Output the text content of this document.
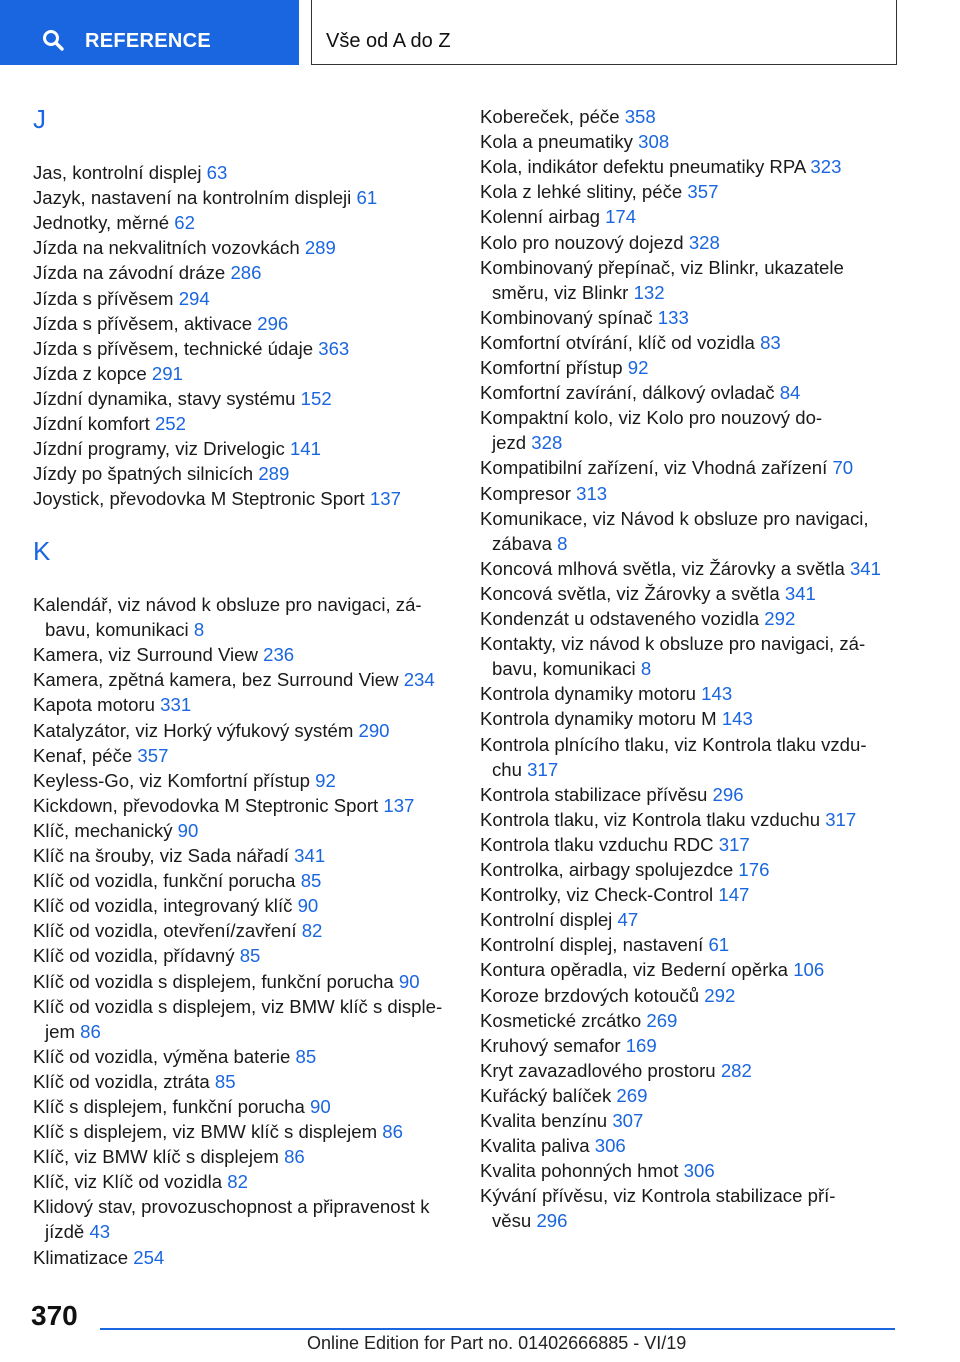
REFERENCE	Vše od A do Z
J
Jas, kontrolní displej 63
Jazyk, nastavení na kontrolním displeji 61
Jednotky, měrné 62
Jízda na nekvalitních vozovkách 289
Jízda na závodní dráze 286
Jízda s přívěsem 294
Jízda s přívěsem, aktivace 296
Jízda s přívěsem, technické údaje 363
Jízda z kopce 291
Jízdní dynamika, stavy systému 152
Jízdní komfort 252
Jízdní programy, viz Drivelogic 141
Jízdy po špatných silnicích 289
Joystick, převodovka M Steptronic Sport 137
K
Kalendář, viz návod k obsluze pro navigaci, zá-
bavu, komunikaci 8
Kamera, viz Surround View 236
Kamera, zpětná kamera, bez Surround View 234
Kapota motoru 331
Katalyzátor, viz Horký výfukový systém 290
Kenaf, péče 357
Keyless-Go, viz Komfortní přístup 92
Kickdown, převodovka M Steptronic Sport 137
Klíč, mechanický 90
Klíč na šrouby, viz Sada nářadí 341
Klíč od vozidla, funkční porucha 85
Klíč od vozidla, integrovaný klíč 90
Klíč od vozidla, otevření/zavření 82
Klíč od vozidla, přídavný 85
Klíč od vozidla s displejem, funkční porucha 90
Klíč od vozidla s displejem, viz BMW klíč s disple-
jem 86
Klíč od vozidla, výměna baterie 85
Klíč od vozidla, ztráta 85
Klíč s displejem, funkční porucha 90
Klíč s displejem, viz BMW klíč s displejem 86
Klíč, viz BMW klíč s displejem 86
Klíč, viz Klíč od vozidla 82
Klidový stav, provozuschopnost a připravenost k
jízdě 43
Klimatizace 254
Kobereček, péče 358
Kola a pneumatiky 308
Kola, indikátor defektu pneumatiky RPA 323
Kola z lehké slitiny, péče 357
Kolenní airbag 174
Kolo pro nouzový dojezd 328
Kombinovaný přepínač, viz Blinkr, ukazatele
směru, viz Blinkr 132
Kombinovaný spínač 133
Komfortní otvírání, klíč od vozidla 83
Komfortní přístup 92
Komfortní zavírání, dálkový ovladač 84
Kompaktní kolo, viz Kolo pro nouzový do-
jezd 328
Kompatibilní zařízení, viz Vhodná zařízení 70
Kompresor 313
Komunikace, viz Návod k obsluze pro navigaci,
zábava 8
Koncová mlhová světla, viz Žárovky a světla 341
Koncová světla, viz Žárovky a světla 341
Kondenzát u odstaveného vozidla 292
Kontakty, viz návod k obsluze pro navigaci, zá-
bavu, komunikaci 8
Kontrola dynamiky motoru 143
Kontrola dynamiky motoru M 143
Kontrola plnícího tlaku, viz Kontrola tlaku vzdu-
chu 317
Kontrola stabilizace přívěsu 296
Kontrola tlaku, viz Kontrola tlaku vzduchu 317
Kontrola tlaku vzduchu RDC 317
Kontrolka, airbagy spolujezdce 176
Kontrolky, viz Check-Control 147
Kontrolní displej 47
Kontrolní displej, nastavení 61
Kontura opěradla, viz Bederní opěrka 106
Koroze brzdových kotoučů 292
Kosmetické zrcátko 269
Kruhový semafor 169
Kryt zavazadlového prostoru 282
Kuřácký balíček 269
Kvalita benzínu 307
Kvalita paliva 306
Kvalita pohonných hmot 306
Kývání přívěsu, viz Kontrola stabilizace pří-
věsu 296
370
Online Edition for Part no. 01402666885 - VI/19
